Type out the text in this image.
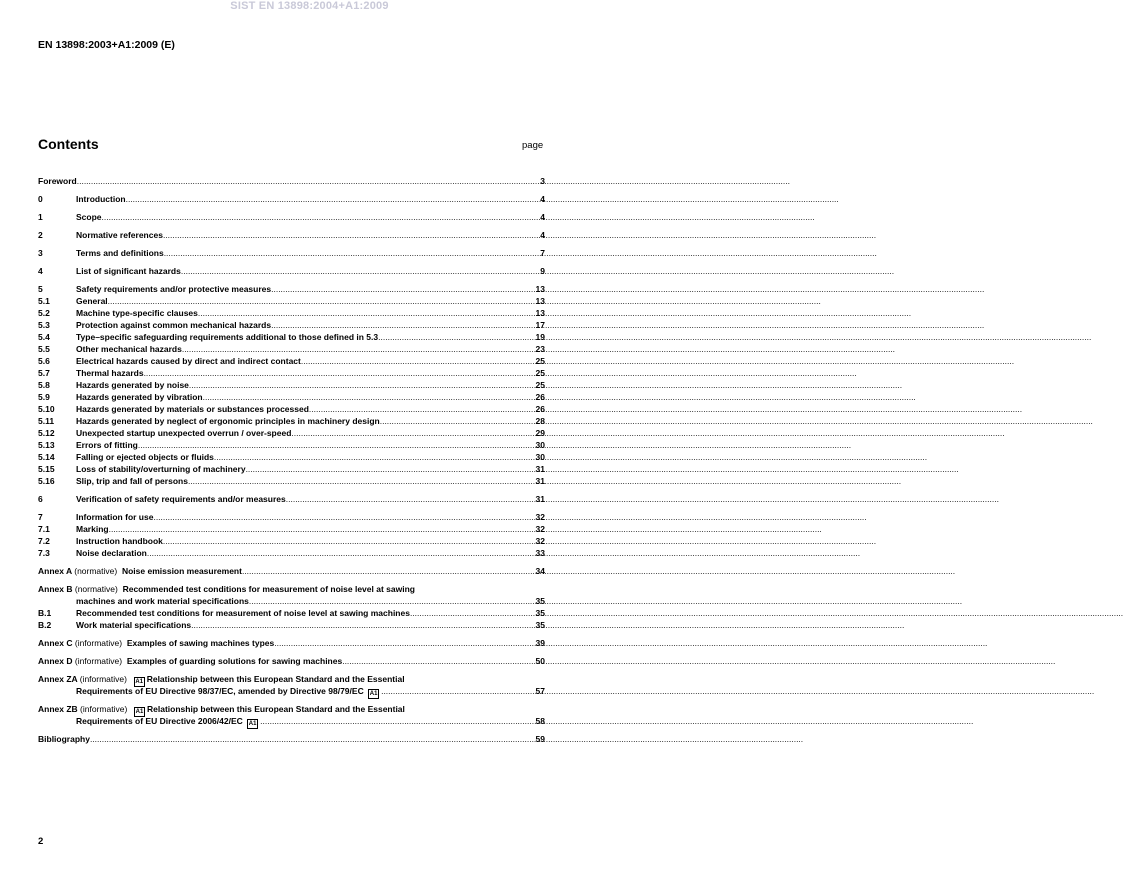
SIST EN 13898:2004+A1:2009
EN 13898:2003+A1:2009 (E)
Contents	page
Foreword .....	3
0	Introduction .....	4
1	Scope .....	4
2	Normative references .....	4
3	Terms and definitions .....	7
4	List of significant hazards .....	9
5	Safety requirements and/or protective measures .....	13
5.1	General .....	13
5.2	Machine type-specific clauses .....	13
5.3	Protection against common mechanical hazards .....	17
5.4	Type–specific safeguarding requirements additional to those defined in 5.3 .....	19
5.5	Other mechanical hazards .....	23
5.6	Electrical hazards caused by direct and indirect contact .....	25
5.7	Thermal hazards .....	25
5.8	Hazards generated by noise .....	25
5.9	Hazards generated by vibration .....	26
5.10	Hazards generated by materials or substances processed .....	26
5.11	Hazards generated by neglect of ergonomic principles in machinery design .....	28
5.12	Unexpected startup unexpected overrun / over-speed .....	29
5.13	Errors of fitting .....	30
5.14	Falling or ejected objects or fluids .....	30
5.15	Loss of stability/overturning of machinery .....	31
5.16	Slip, trip and fall of persons .....	31
6	Verification of safety requirements and/or measures .....	31
7	Information for use .....	32
7.1	Marking .....	32
7.2	Instruction handbook .....	32
7.3	Noise declaration .....	33
Annex A (normative) Noise emission measurement .....	34
Annex B (normative) Recommended test conditions for measurement of noise level at sawing
machines and work material specifications .....	35
B.1	Recommended test conditions for measurement of noise level at sawing machines .....	35
B.2	Work material specifications .....	35
Annex C (informative) Examples of sawing machines types .....	39
Annex D (informative) Examples of guarding solutions for sawing machines .....	50
Annex ZA (informative) A1 Relationship between this European Standard and the Essential
Requirements of EU Directive 98/37/EC, amended by Directive 98/79/EC A1 .....	57
Annex ZB (informative) A1 Relationship between this European Standard and the Essential
Requirements of EU Directive 2006/42/EC A1 .....	58
Bibliography .....	59
2
